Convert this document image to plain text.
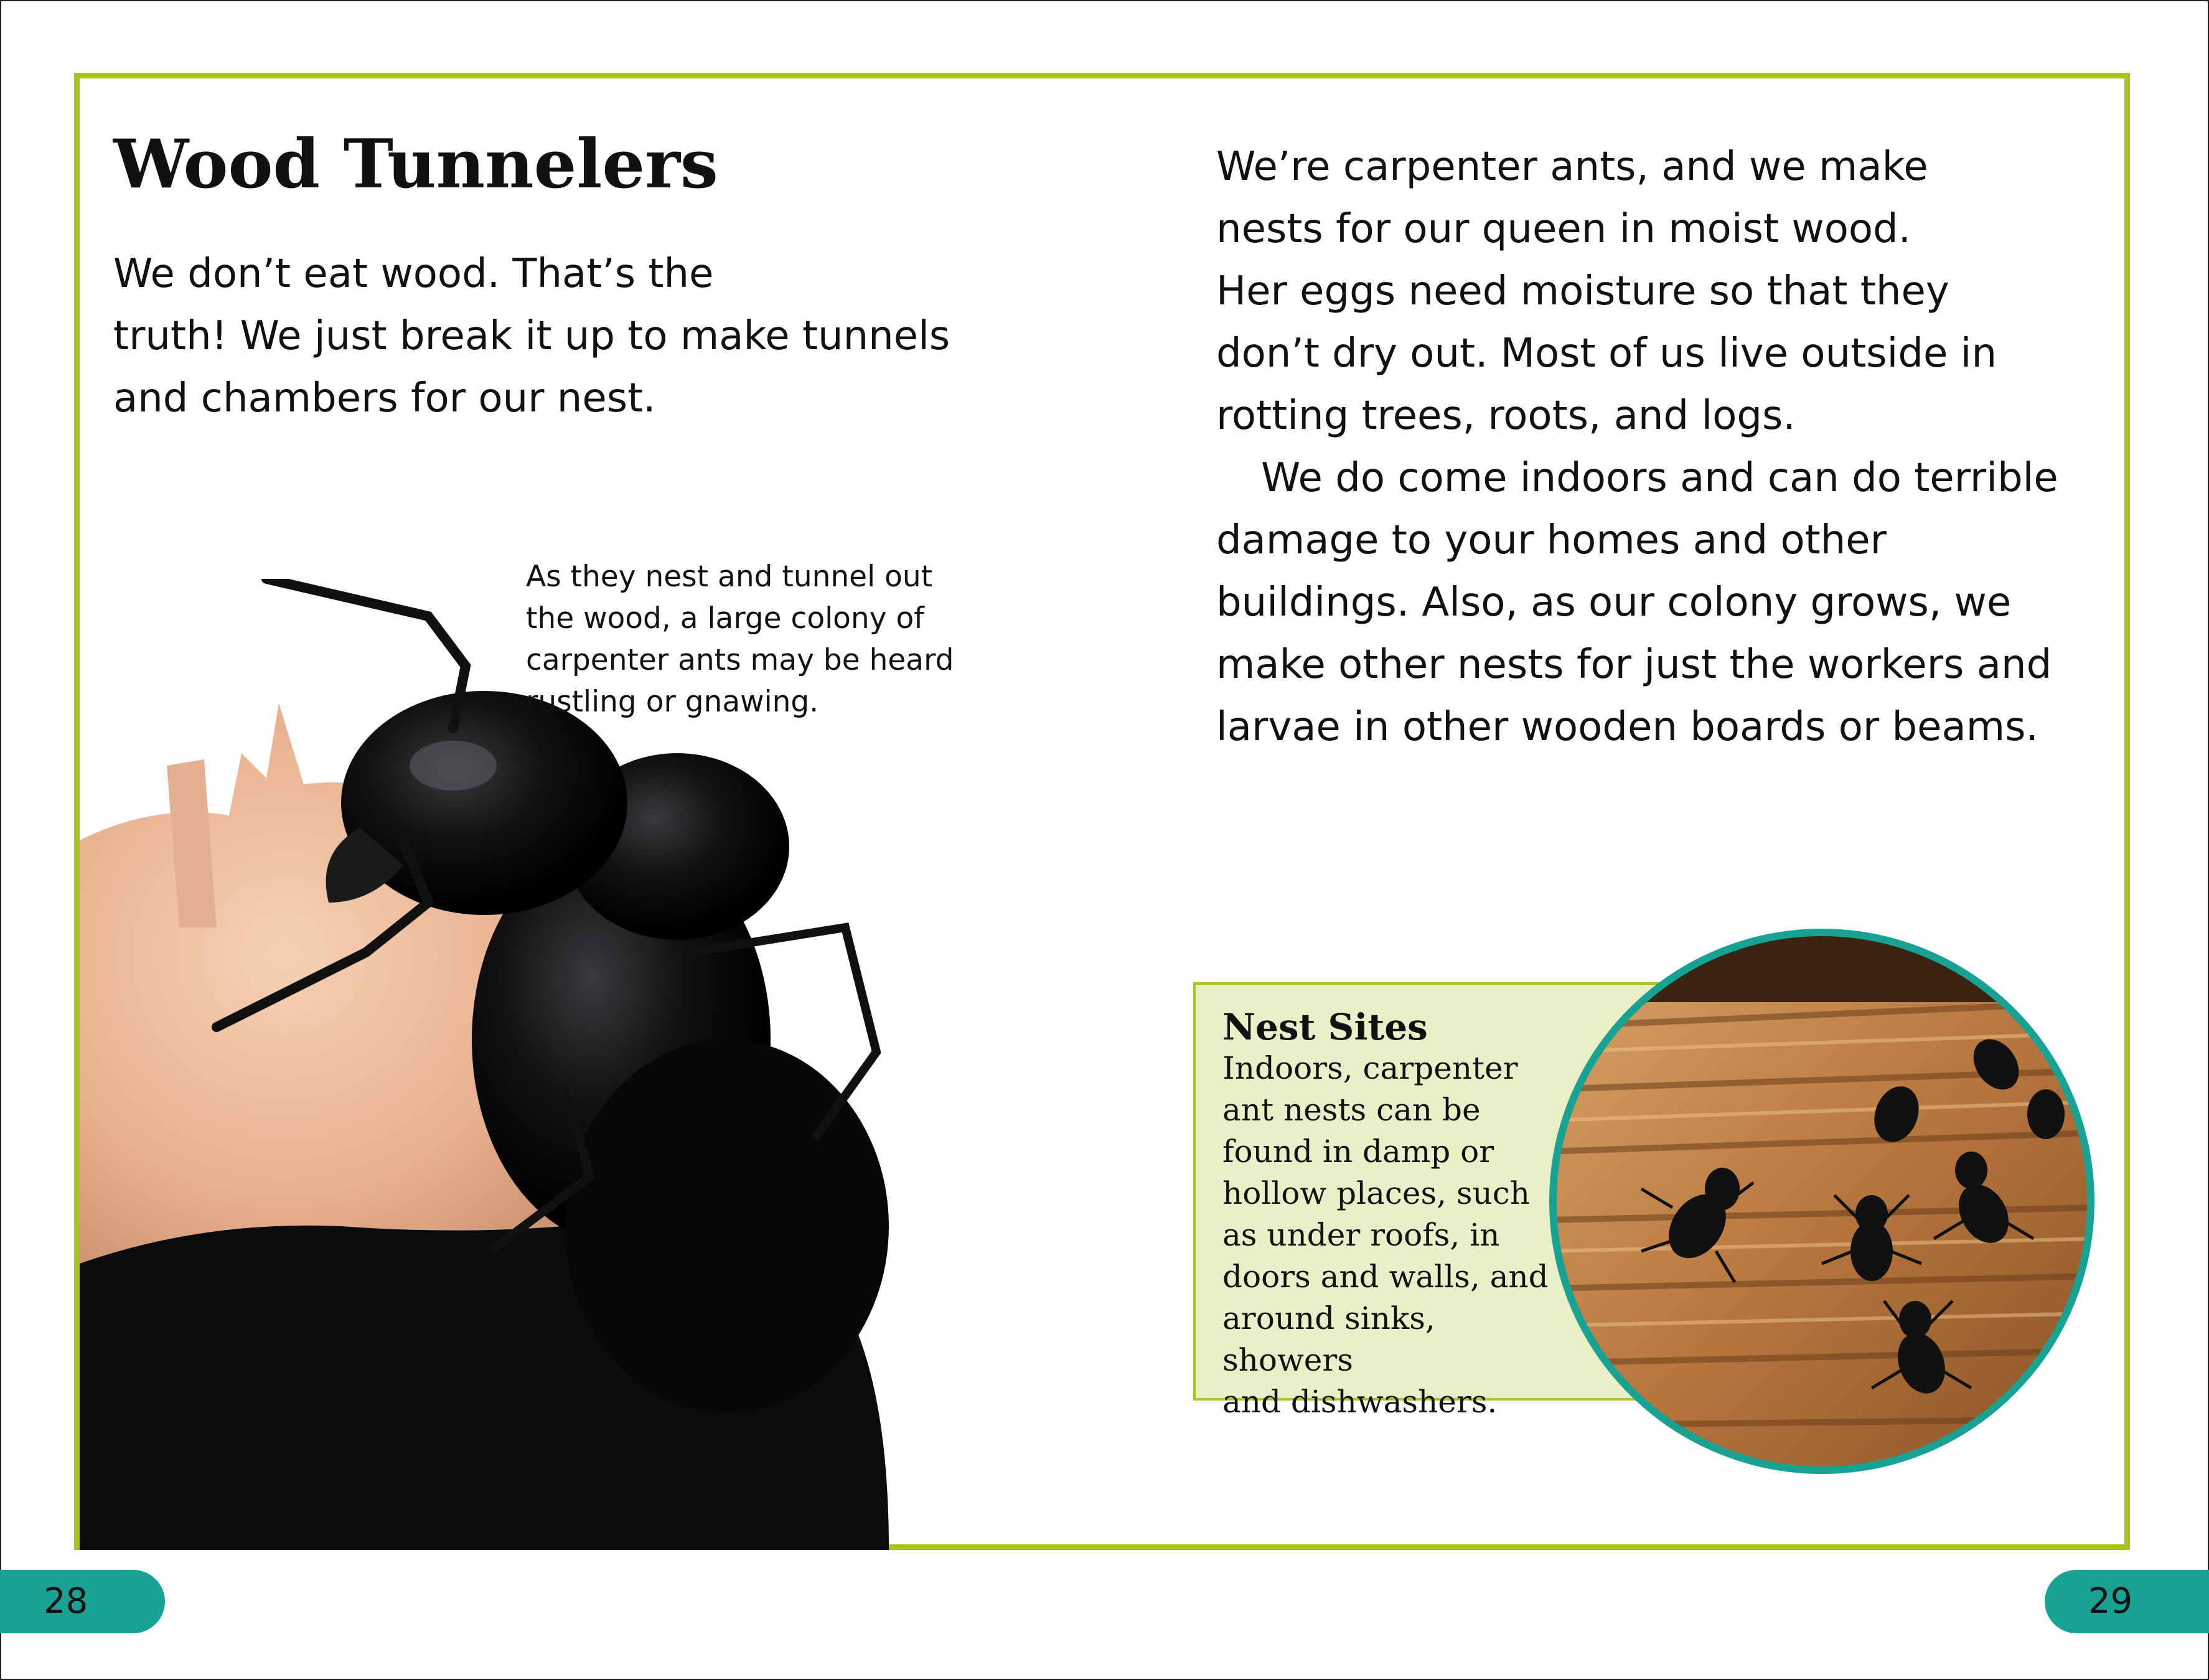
Wood Tunnelers

We don’t eat wood. That’s the
truth! We just break it up to make tunnels
and chambers for our nest.

As they nest and tunnel out
the wood, a large colony of
carpenter ants may be heard
rustling or gnawing.

We’re carpenter ants, and we make
nests for our queen in moist wood.
Her eggs need moisture so that they
don’t dry out. Most of us live outside in
rotting trees, roots, and logs.

We do come indoors and can do terrible
damage to your homes and other
buildings. Also, as our colony grows, we
make other nests for just the workers and
larvae in other wooden boards or beams.

Nest Sites

Indoors, carpenter
ant nests can be
found in damp or
hollow places, such
as under roofs, in
doors and walls, and
around sinks, showers
and dishwashers.

28	29
